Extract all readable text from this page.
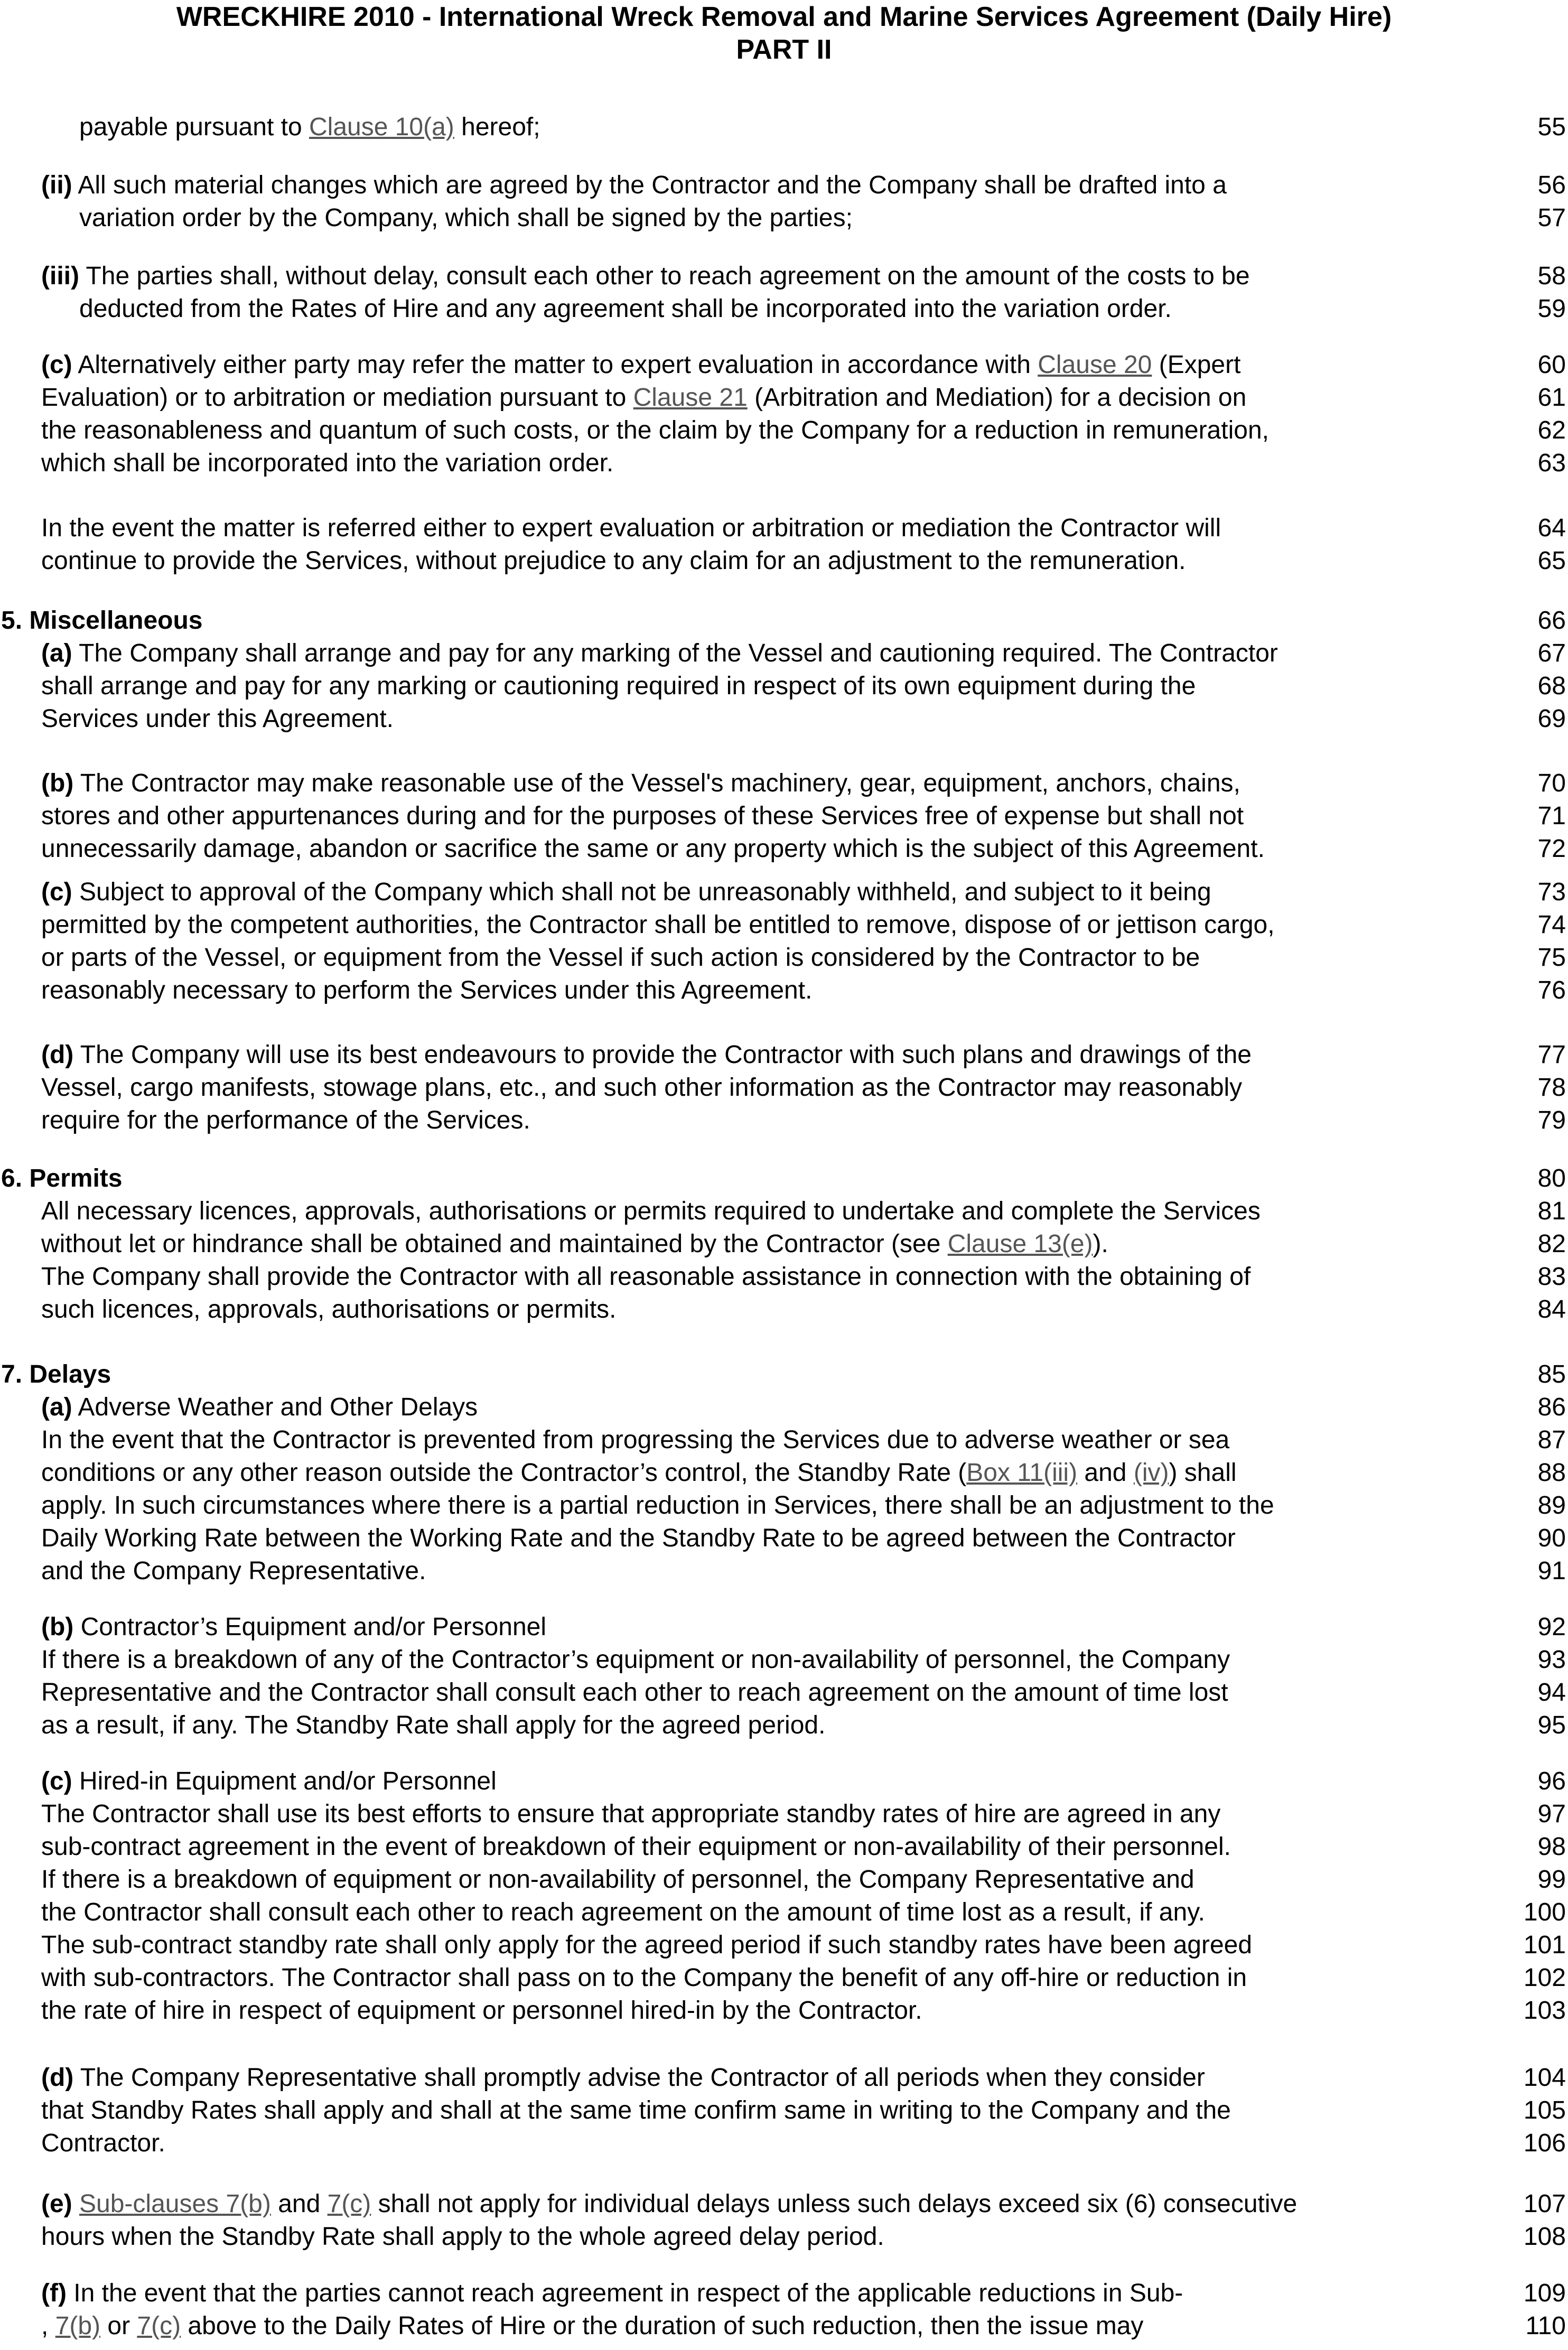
WRECKHIRE 2010 - International Wreck Removal and Marine Services Agreement (Daily Hire)
PART II
payable pursuant to Clause 10(a) hereof;	55
(ii) All such material changes which are agreed by the Contractor and the Company shall be drafted into a	56
variation order by the Company, which shall be signed by the parties;	57
(iii) The parties shall, without delay, consult each other to reach agreement on the amount of the costs to be	58
deducted from the Rates of Hire and any agreement shall be incorporated into the variation order.	59
(c) Alternatively either party may refer the matter to expert evaluation in accordance with Clause 20 (Expert	60
Evaluation) or to arbitration or mediation pursuant to Clause 21 (Arbitration and Mediation) for a decision on	61
the reasonableness and quantum of such costs, or the claim by the Company for a reduction in remuneration,	62
which shall be incorporated into the variation order.	63
In the event the matter is referred either to expert evaluation or arbitration or mediation the Contractor will	64
continue to provide the Services, without prejudice to any claim for an adjustment to the remuneration.	65
5. Miscellaneous	66
(a) The Company shall arrange and pay for any marking of the Vessel and cautioning required. The Contractor	67
shall arrange and pay for any marking or cautioning required in respect of its own equipment during the	68
Services under this Agreement.	69
(b) The Contractor may make reasonable use of the Vessel's machinery, gear, equipment, anchors, chains,	70
stores and other appurtenances during and for the purposes of these Services free of expense but shall not	71
unnecessarily damage, abandon or sacrifice the same or any property which is the subject of this Agreement.	72
(c) Subject to approval of the Company which shall not be unreasonably withheld, and subject to it being	73
permitted by the competent authorities, the Contractor shall be entitled to remove, dispose of or jettison cargo,	74
or parts of the Vessel, or equipment from the Vessel if such action is considered by the Contractor to be	75
reasonably necessary to perform the Services under this Agreement.	76
(d) The Company will use its best endeavours to provide the Contractor with such plans and drawings of the	77
Vessel, cargo manifests, stowage plans, etc., and such other information as the Contractor may reasonably	78
require for the performance of the Services.	79
6. Permits	80
All necessary licences, approvals, authorisations or permits required to undertake and complete the Services	81
without let or hindrance shall be obtained and maintained by the Contractor (see Clause 13(e)).	82
The Company shall provide the Contractor with all reasonable assistance in connection with the obtaining of	83
such licences, approvals, authorisations or permits.	84
7. Delays	85
(a) Adverse Weather and Other Delays	86
In the event that the Contractor is prevented from progressing the Services due to adverse weather or sea	87
conditions or any other reason outside the Contractor’s control, the Standby Rate (Box 11(iii) and (iv)) shall	88
apply. In such circumstances where there is a partial reduction in Services, there shall be an adjustment to the	89
Daily Working Rate between the Working Rate and the Standby Rate to be agreed between the Contractor	90
and the Company Representative.	91
(b) Contractor’s Equipment and/or Personnel	92
If there is a breakdown of any of the Contractor’s equipment or non-availability of personnel, the Company	93
Representative and the Contractor shall consult each other to reach agreement on the amount of time lost	94
as a result, if any. The Standby Rate shall apply for the agreed period.	95
(c) Hired-in Equipment and/or Personnel	96
The Contractor shall use its best efforts to ensure that appropriate standby rates of hire are agreed in any	97
sub-contract agreement in the event of breakdown of their equipment or non-availability of their personnel.	98
If there is a breakdown of equipment or non-availability of personnel, the Company Representative and	99
the Contractor shall consult each other to reach agreement on the amount of time lost as a result, if any.	100
The sub-contract standby rate shall only apply for the agreed period if such standby rates have been agreed	101
with sub-contractors. The Contractor shall pass on to the Company the benefit of any off-hire or reduction in	102
the rate of hire in respect of equipment or personnel hired-in by the Contractor.	103
(d) The Company Representative shall promptly advise the Contractor of all periods when they consider	104
that Standby Rates shall apply and shall at the same time confirm same in writing to the Company and the	105
Contractor.	106
(e) Sub-clauses 7(b) and 7(c) shall not apply for individual delays unless such delays exceed six (6) consecutive	107
hours when the Standby Rate shall apply to the whole agreed delay period.	108
(f) In the event that the parties cannot reach agreement in respect of the applicable reductions in Sub-	109
, 7(b) or 7(c) above to the Daily Rates of Hire or the duration of such reduction, then the issue may	110
